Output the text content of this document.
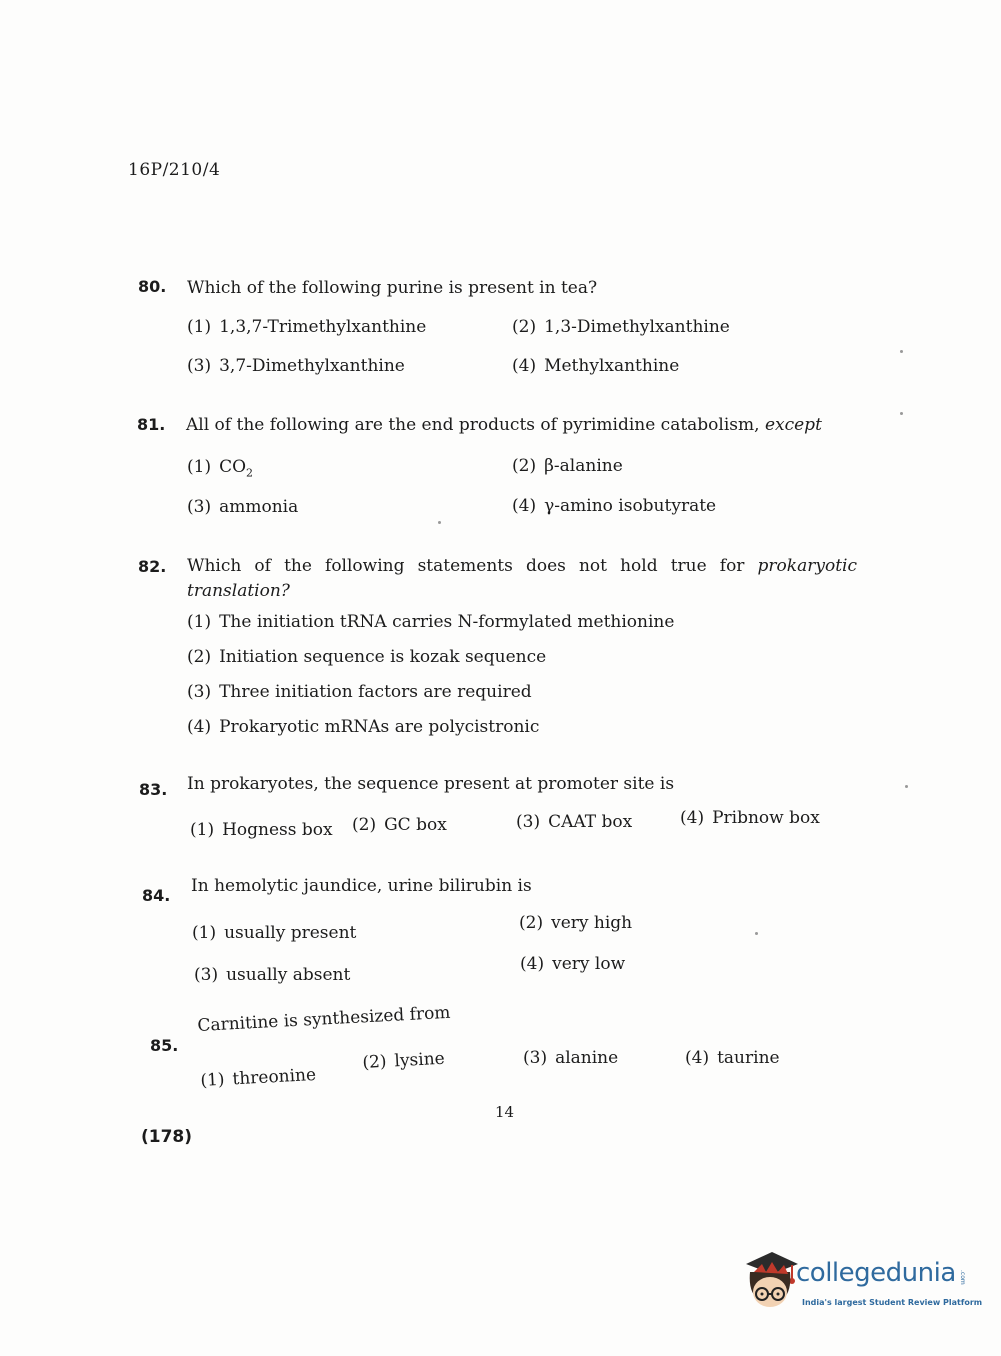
16P/210/4
80. Which of the following purine is present in tea?
(1) 1,3,7-Trimethylxanthine	(2) 1,3-Dimethylxanthine
(3) 3,7-Dimethylxanthine	(4) Methylxanthine
81. All of the following are the end products of pyrimidine catabolism, except
(1) $CO_2$	(2) β-alanine
(3) ammonia	(4) γ-amino isobutyrate
82. Which of the following statements does not hold true for prokaryotic translation?
(1) The initiation tRNA carries N-formylated methionine
(2) Initiation sequence is kozak sequence
(3) Three initiation factors are required
(4) Prokaryotic mRNAs are polycistronic
83. In prokaryotes, the sequence present at promoter site is
(1) Hogness box (2) GC box	(3) CAAT box	(4) Pribnow box
84. In hemolytic jaundice, urine bilirubin is
(1) usually present	(2) very high
(3) usually absent
(4) very low
85.
Carnitine is synthesized from
(1) threonine
(2) lysine	(3) alanine	(4) taurine
14
(178)
collegedunia .com
India's largest Student Review Platform
